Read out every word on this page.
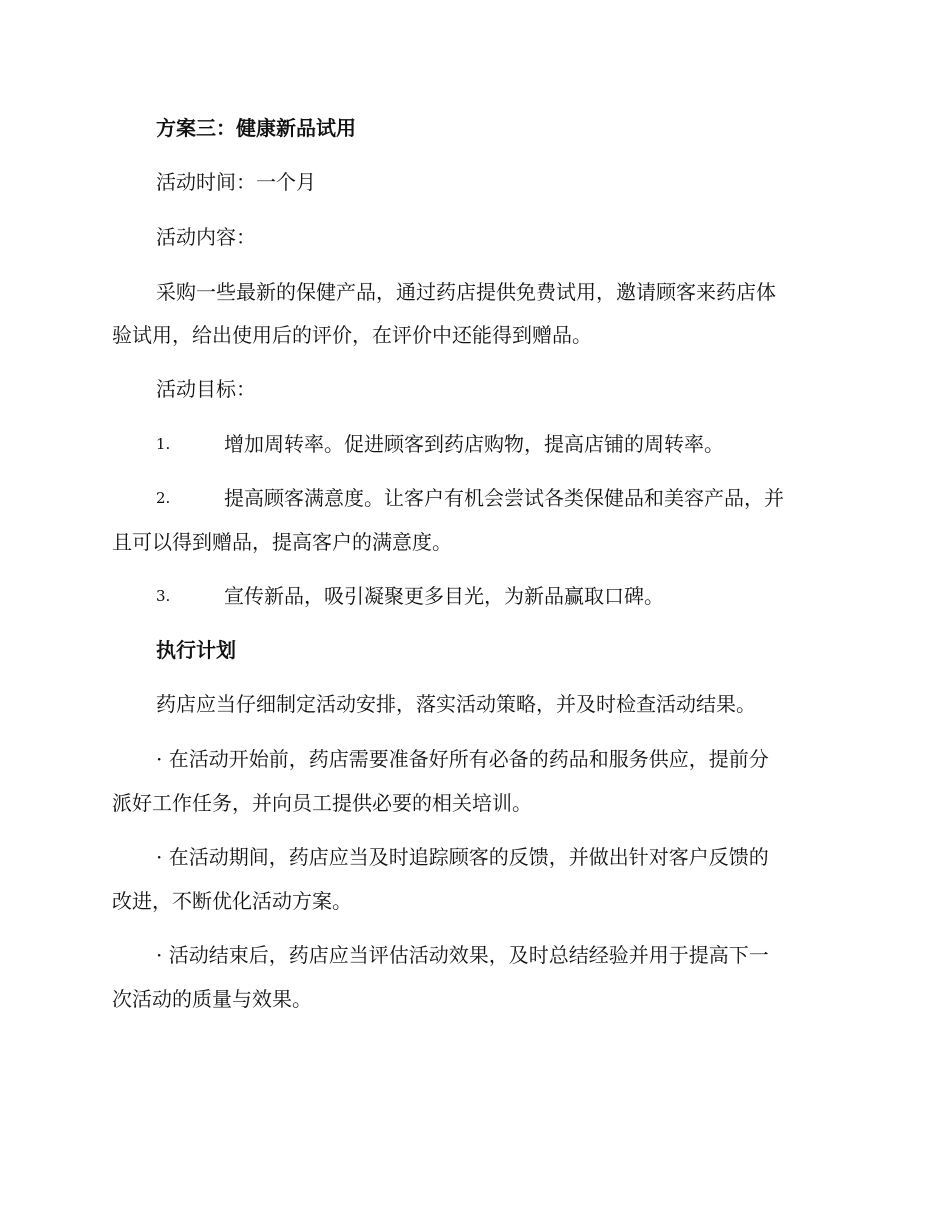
方案三：健康新品试用
活动时间：一个月
活动内容：
采购一些最新的保健产品，通过药店提供免费试用，邀请顾客来药店体
验试用，给出使用后的评价，在评价中还能得到赠品。
活动目标：
1.	增加周转率。促进顾客到药店购物，提高店铺的周转率。
2.	提高顾客满意度。让客户有机会尝试各类保健品和美容产品，并
且可以得到赠品，提高客户的满意度。
3.	宣传新品，吸引凝聚更多目光，为新品赢取口碑。
执行计划
药店应当仔细制定活动安排，落实活动策略，并及时检查活动结果。
· 在活动开始前，药店需要准备好所有必备的药品和服务供应，提前分
派好工作任务，并向员工提供必要的相关培训。
· 在活动期间，药店应当及时追踪顾客的反馈，并做出针对客户反馈的
改进，不断优化活动方案。
· 活动结束后，药店应当评估活动效果，及时总结经验并用于提高下一
次活动的质量与效果。
